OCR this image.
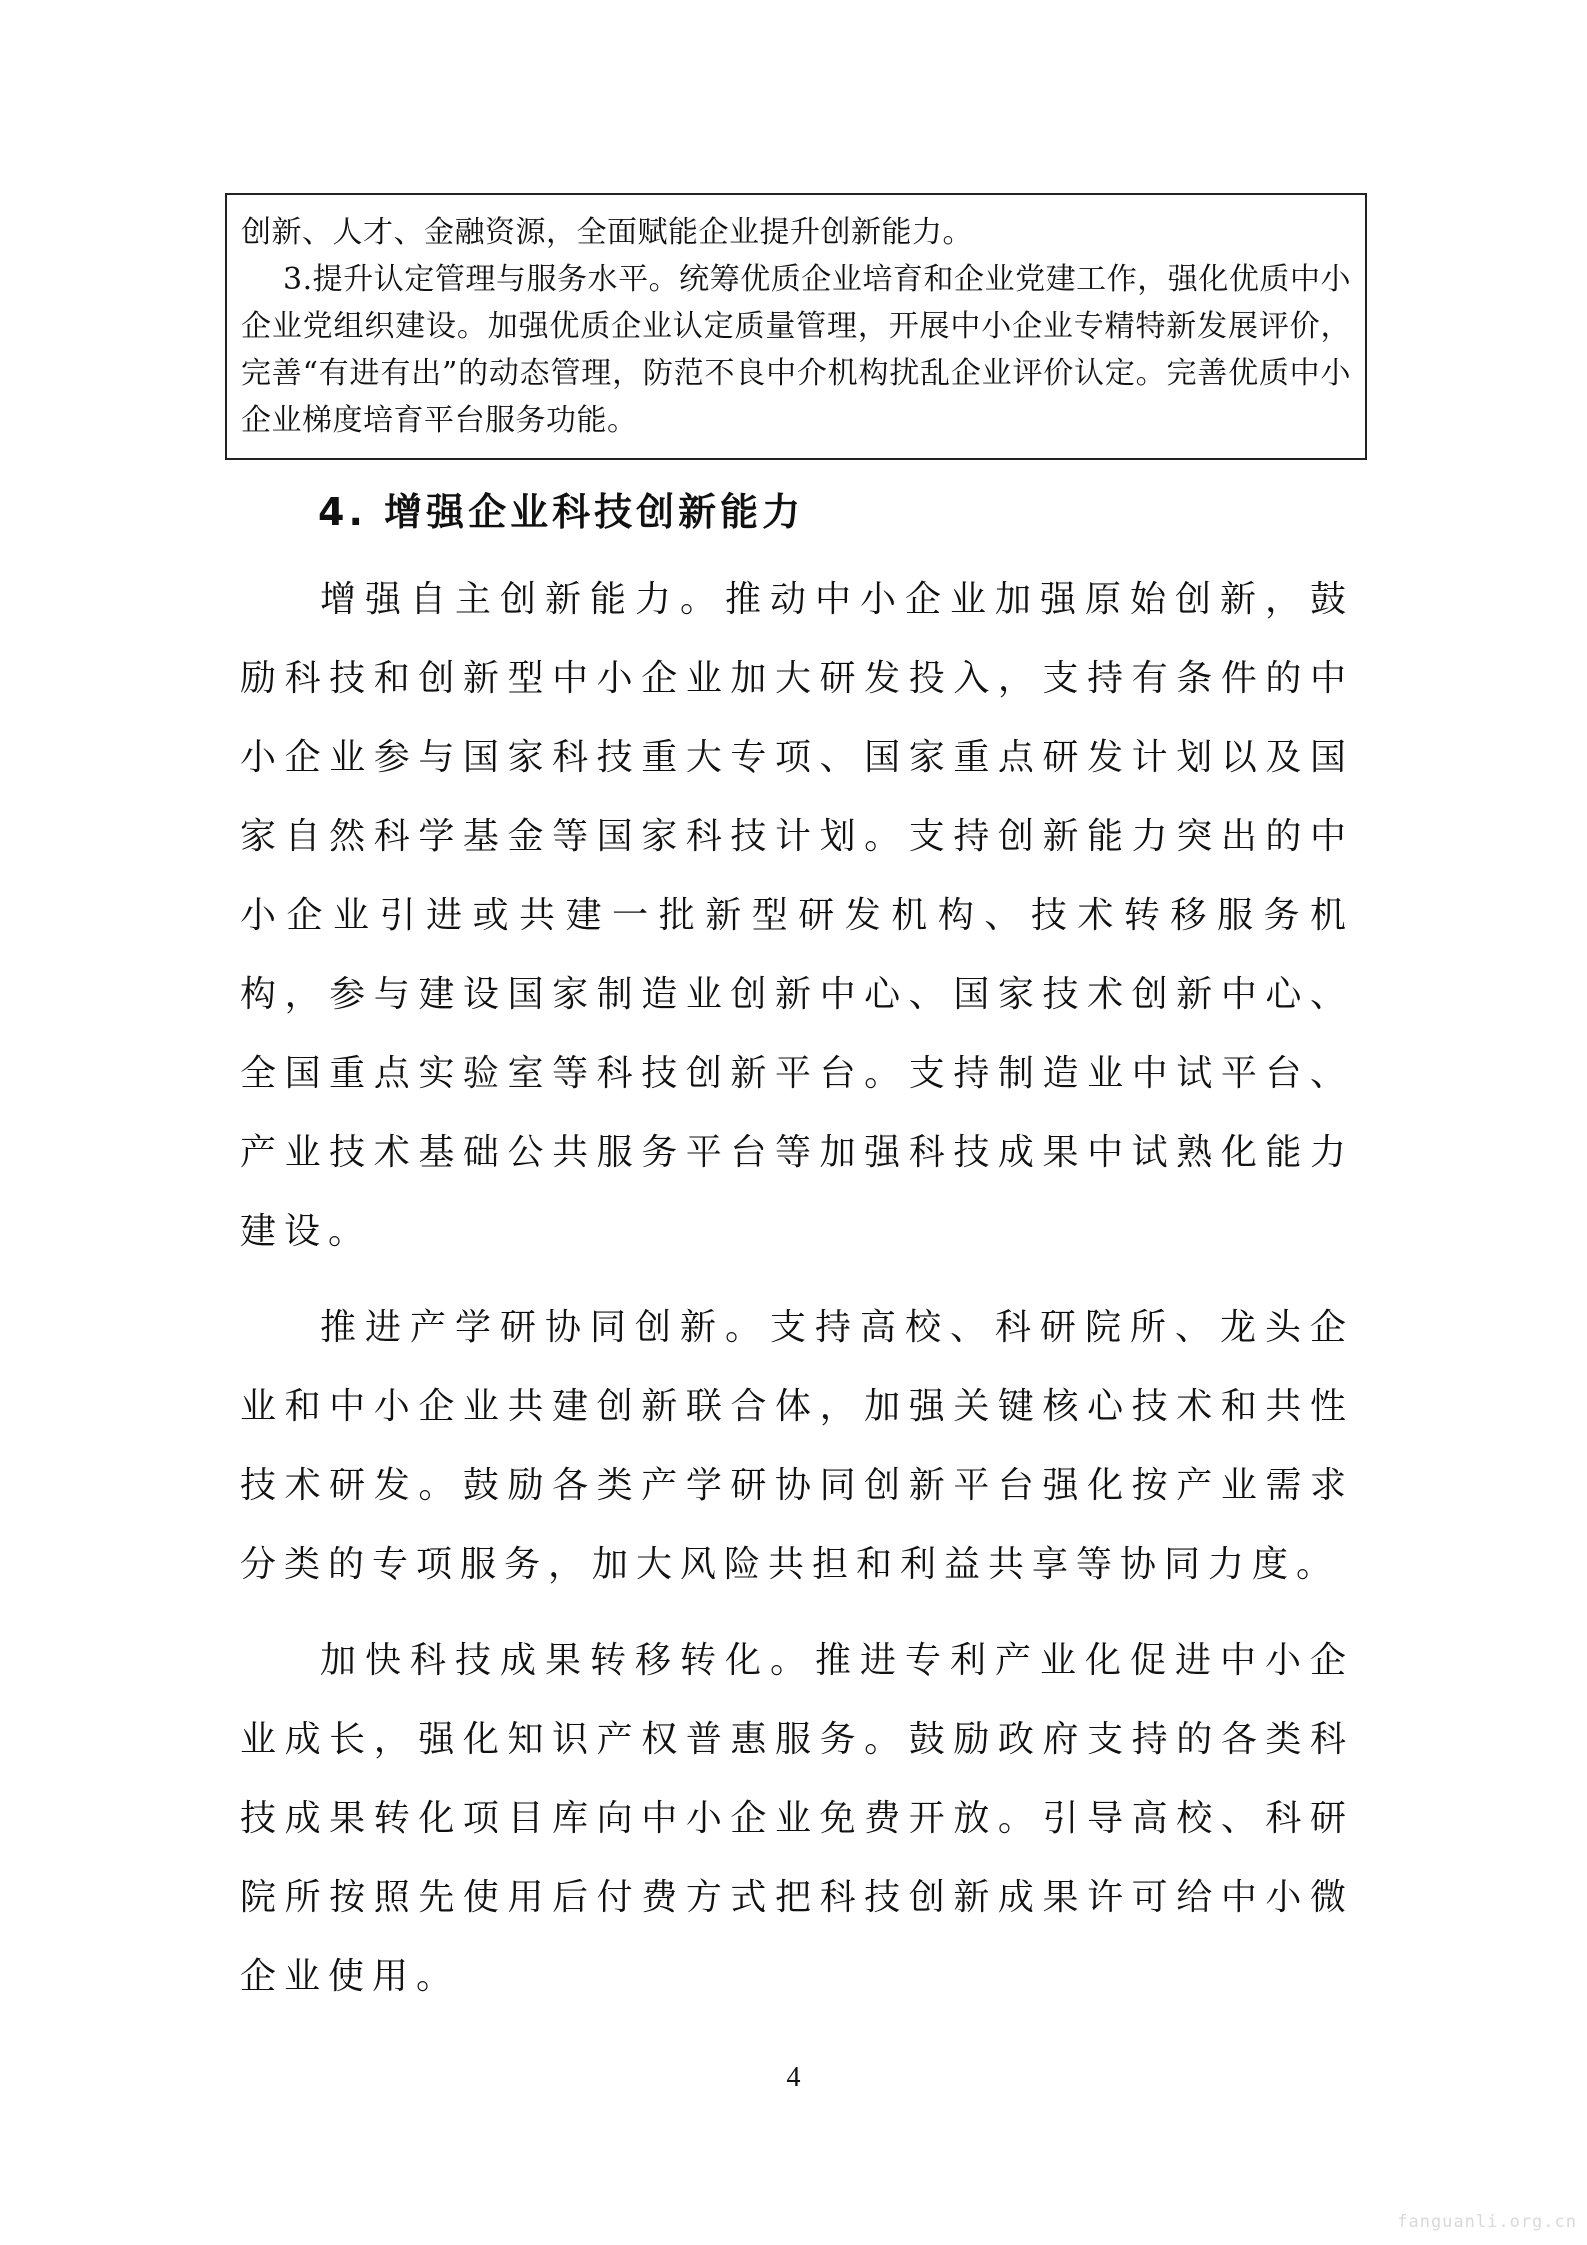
创新、人才、金融资源，全面赋能企业提升创新能力。

3.提升认定管理与服务水平。统筹优质企业培育和企业党建工作，强化优质中小企业党组织建设。加强优质企业认定质量管理，开展中小企业专精特新发展评价，完善“有进有出”的动态管理，防范不良中介机构扰乱企业评价认定。完善优质中小企业梯度培育平台服务功能。

4. 增强企业科技创新能力

增强自主创新能力。推动中小企业加强原始创新，鼓励科技和创新型中小企业加大研发投入，支持有条件的中小企业参与国家科技重大专项、国家重点研发计划以及国家自然科学基金等国家科技计划。支持创新能力突出的中小企业引进或共建一批新型研发机构、技术转移服务机构，参与建设国家制造业创新中心、国家技术创新中心、全国重点实验室等科技创新平台。支持制造业中试平台、产业技术基础公共服务平台等加强科技成果中试熟化能力建设。

推进产学研协同创新。支持高校、科研院所、龙头企业和中小企业共建创新联合体，加强关键核心技术和共性技术研发。鼓励各类产学研协同创新平台强化按产业需求分类的专项服务，加大风险共担和利益共享等协同力度。

加快科技成果转移转化。推进专利产业化促进中小企业成长，强化知识产权普惠服务。鼓励政府支持的各类科技成果转化项目库向中小企业免费开放。引导高校、科研院所按照先使用后付费方式把科技创新成果许可给中小微企业使用。

4
fanguanli.org.cn
